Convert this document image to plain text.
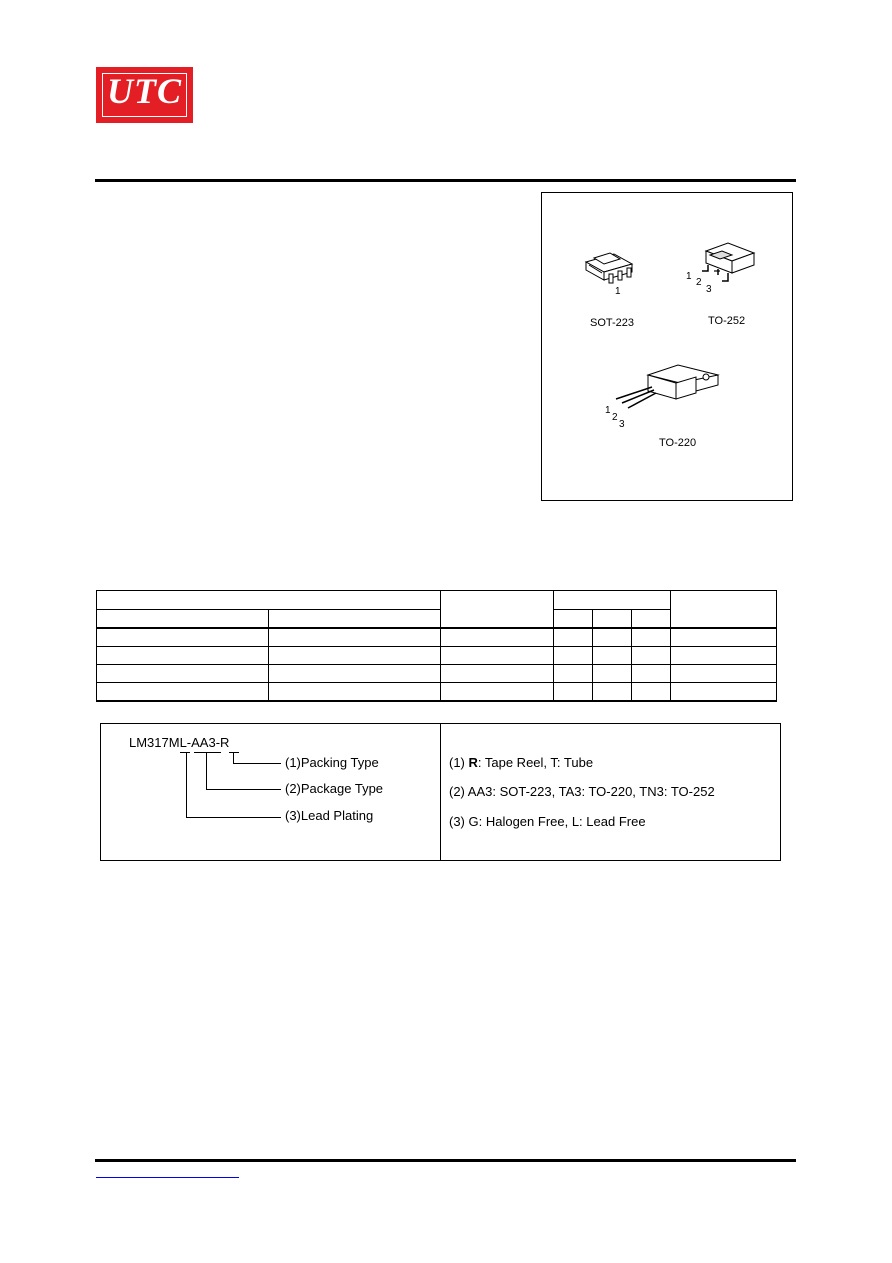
UTC
1
SOT-223
1
2
3
TO-252
1
2
3
TO-220

LM317ML-AA3-R
(1)Packing Type
(2)Package Type
(3)Lead Plating
(1) R: Tape Reel, T: Tube
(2) AA3: SOT-223, TA3: TO-220, TN3: TO-252
(3) G: Halogen Free, L: Lead Free
